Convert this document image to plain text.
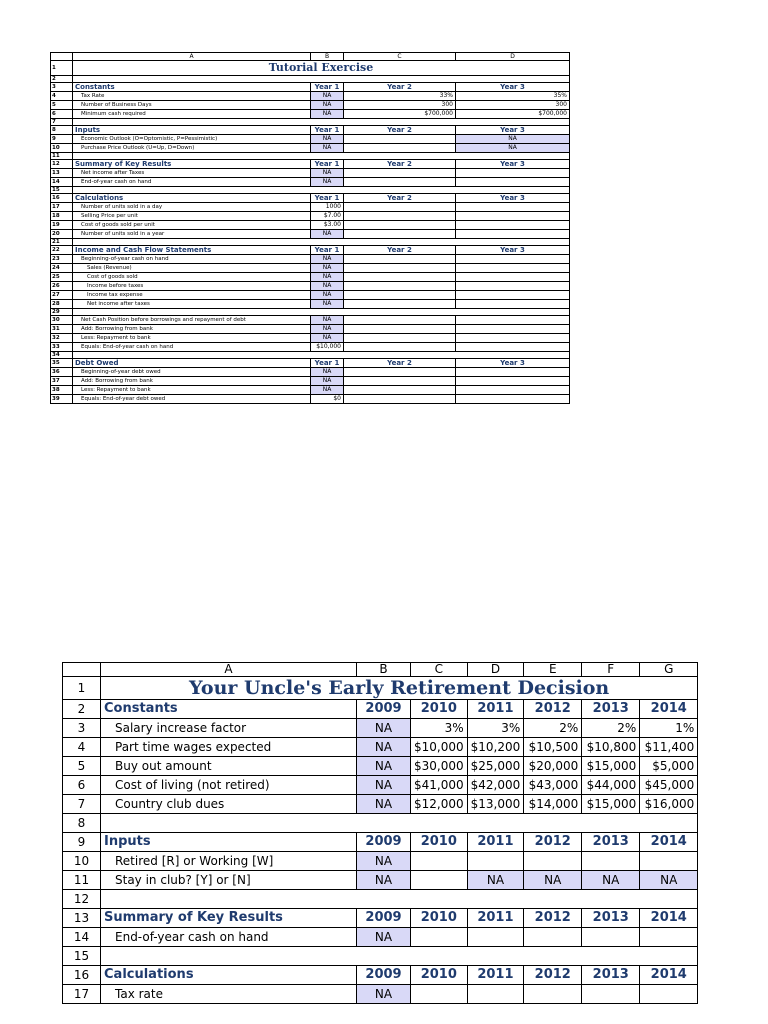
	A	B	C	D
1	Tutorial Exercise			
2				
3	Constants	Year 1	Year 2	Year 3
4	Tax Rate	NA	33%	35%
5	Number of Business Days	NA	300	300
6	Minimum cash required	NA	$700,000	$700,000
7				
8	Inputs	Year 1	Year 2	Year 3
9	Economic Outlook (O=Optomistic, P=Pessimistic)	NA		NA
10	Purchase Price Outlook (U=Up, D=Down)	NA		NA
11				
12	Summary of Key Results	Year 1	Year 2	Year 3
13	Net income after Taxes	NA		
14	End-of-year cash on hand	NA		
15				
16	Calculations	Year 1	Year 2	Year 3
17	Number of units sold in a day	1000		
18	Selling Price per unit	$7.00		
19	Cost of goods sold per unit	$3.00		
20	Number of units sold in a year	NA		
21				
22	Income and Cash Flow Statements	Year 1	Year 2	Year 3
23	Beginning-of-year cash on hand	NA		
24	Sales (Revenue)	NA		
25	Cost of goods sold	NA		
26	Income before taxes	NA		
27	Income tax expense	NA		
28	Net income after taxes	NA		
29				
30	Net Cash Position before borrowings and repayment of debt	NA		
31	Add: Borrowing from bank	NA		
32	Less: Repayment to bank	NA		
33	Equals: End-of-year cash on hand	$10,000		
34				
35	Debt Owed	Year 1	Year 2	Year 3
36	Beginning-of-year debt owed	NA		
37	Add: Borrowing from bank	NA		
38	Less: Repayment to bank	NA		
39	Equals: End-of-year debt owed	$0		
	A	B	C	D	E	F	G
1	Your Uncle's Early Retirement Decision						
2	Constants	2009	2010	2011	2012	2013	2014
3	Salary increase factor	NA	3%	3%	2%	2%	1%
4	Part time wages expected	NA	$10,000	$10,200	$10,500	$10,800	$11,400
5	Buy out amount	NA	$30,000	$25,000	$20,000	$15,000	$5,000
6	Cost of living (not retired)	NA	$41,000	$42,000	$43,000	$44,000	$45,000
7	Country club dues	NA	$12,000	$13,000	$14,000	$15,000	$16,000
8							
9	Inputs	2009	2010	2011	2012	2013	2014
10	Retired [R] or Working [W]	NA					
11	Stay in club? [Y] or [N]	NA		NA	NA	NA	NA
12							
13	Summary of Key Results	2009	2010	2011	2012	2013	2014
14	End-of-year cash on hand	NA					
15							
16	Calculations	2009	2010	2011	2012	2013	2014
17	Tax rate	NA					
